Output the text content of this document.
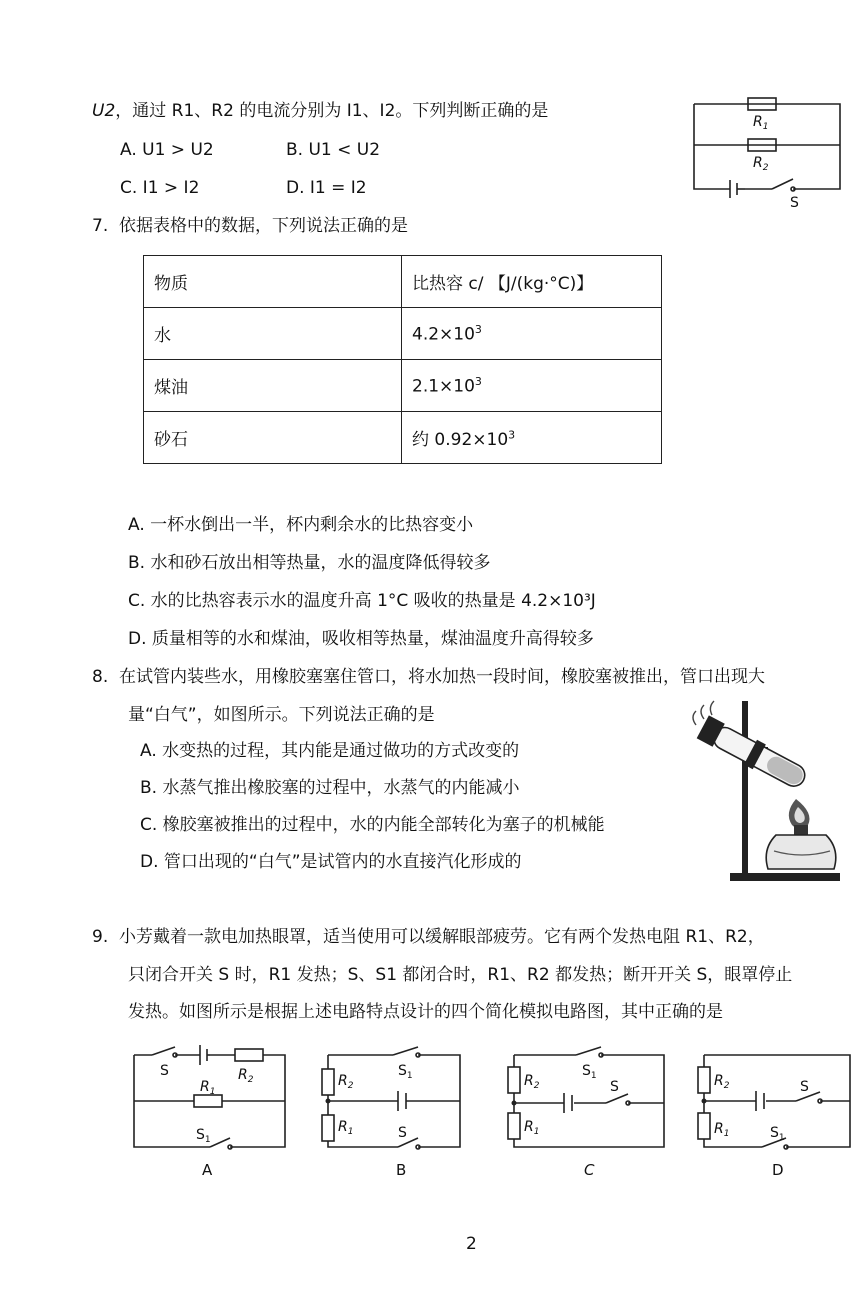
U2，通过 R1、R2 的电流分别为 I1、I2。下列判断正确的是
A. U1 > U2	B. U1 < U2
C. I1 > I2	D. I1 = I2
$R_1$
$R_2$
S
7. 依据表格中的数据，下列说法正确的是
物质	比热容 c/ 【J/(kg·°C)】
水	$4.2\times 10^3$
煤油	$2.1\times 10^3$
砂石	约 $0.92\times 10^3$
A. 一杯水倒出一半，杯内剩余水的比热容变小
B. 水和砂石放出相等热量，水的温度降低得较多
C. 水的比热容表示水的温度升高 1°C 吸收的热量是 4.2×10³J
D. 质量相等的水和煤油，吸收相等热量，煤油温度升高得较多
8. 在试管内装些水，用橡胶塞塞住管口，将水加热一段时间，橡胶塞被推出，管口出现大
量“白气”，如图所示。下列说法正确的是
A. 水变热的过程，其内能是通过做功的方式改变的
B. 水蒸气推出橡胶塞的过程中，水蒸气的内能减小
C. 橡胶塞被推出的过程中，水的内能全部转化为塞子的机械能
D. 管口出现的“白气”是试管内的水直接汽化形成的
9. 小芳戴着一款电加热眼罩，适当使用可以缓解眼部疲劳。它有两个发热电阻 R1、R2，
只闭合开关 S 时，R1 发热；S、S1 都闭合时，R1、R2 都发热；断开开关 S，眼罩停止
发热。如图所示是根据上述电路特点设计的四个简化模拟电路图，其中正确的是
S	$R_2$
$R_1$
$S_1$
A
$R_2$
$S_1$
$R_1$	S
B
$R_2$
$S_1$
S
$R_1$
C
$R_2$	S
$R_1$	$S_1$
D
2
